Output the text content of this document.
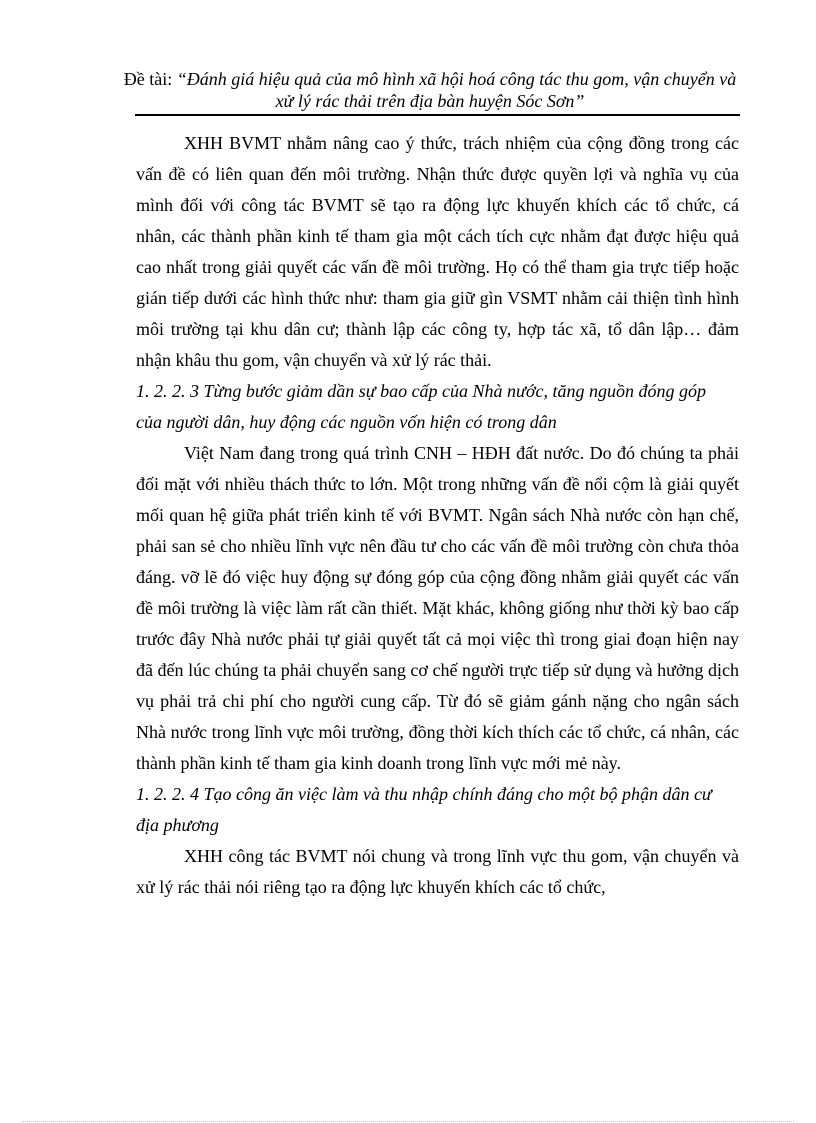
Đề tài: “Đánh giá hiệu quả của mô hình xã hội hoá công tác thu gom, vận chuyển và xử lý rác thải trên địa bàn huyện Sóc Sơn”

XHH BVMT nhằm nâng cao ý thức, trách nhiệm của cộng đồng trong các vấn đề có liên quan đến môi trường. Nhận thức được quyền lợi và nghĩa vụ của mình đối với công tác BVMT sẽ tạo ra động lực khuyến khích các tổ chức, cá nhân, các thành phần kinh tế tham gia một cách tích cực nhằm đạt được hiệu quả cao nhất trong giải quyết các vấn đề môi trường. Họ có thể tham gia trực tiếp hoặc gián tiếp dưới các hình thức như: tham gia giữ gìn VSMT nhằm cải thiện tình hình môi trường tại khu dân cư; thành lập các công ty, hợp tác xã, tổ dân lập… đảm nhận khâu thu gom, vận chuyển và xử lý rác thải.

1. 2. 2. 3 Từng bước giảm dần sự bao cấp của Nhà nước, tăng nguồn đóng góp của người dân, huy động các nguồn vốn hiện có trong dân

Việt Nam đang trong quá trình CNH – HĐH đất nước. Do đó chúng ta phải đối mặt với nhiều thách thức to lớn. Một trong những vấn đề nổi cộm là giải quyết mối quan hệ giữa phát triển kinh tế với BVMT. Ngân sách Nhà nước còn hạn chế, phải san sẻ cho nhiều lĩnh vực nên đầu tư cho các vấn đề môi trường còn chưa thỏa đáng. vỡ lẽ đó việc huy động sự đóng góp của cộng đồng nhằm giải quyết các vấn đề môi trường là việc làm rất cần thiết. Mặt khác, không giống như thời kỳ bao cấp trước đây Nhà nước phải tự giải quyết tất cả mọi việc thì trong giai đoạn hiện nay đã đến lúc chúng ta phải chuyển sang cơ chế người trực tiếp sử dụng và hưởng dịch vụ phải trả chi phí cho người cung cấp. Từ đó sẽ giảm gánh nặng cho ngân sách Nhà nước trong lĩnh vực môi trường, đồng thời kích thích các tổ chức, cá nhân, các thành phần kinh tế tham gia kinh doanh trong lĩnh vực mới mẻ này.

1. 2. 2. 4 Tạo công ăn việc làm và thu nhập chính đáng cho một bộ phận dân cư địa phương

XHH công tác BVMT nói chung và trong lĩnh vực thu gom, vận chuyển và xử lý rác thải nói riêng tạo ra động lực khuyến khích các tổ chức,
